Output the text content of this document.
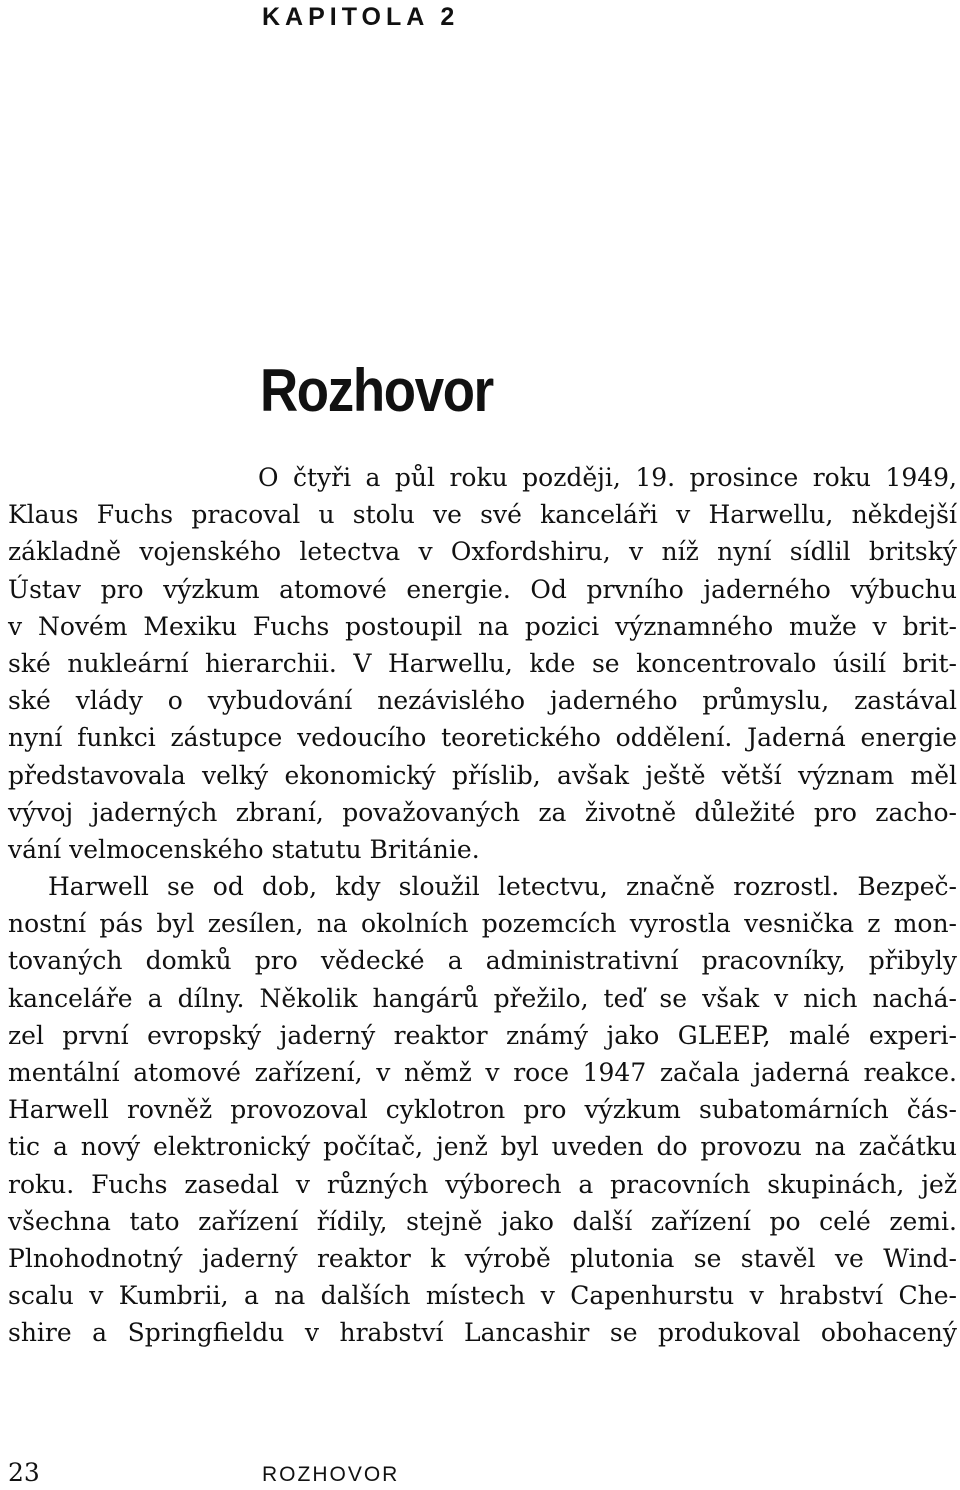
KAPITOLA 2
Rozhovor
O čtyři a půl roku později, 19. prosince roku 1949,
Klaus Fuchs pracoval u stolu ve své kanceláři v Harwellu, někdejší
základně vojenského letectva v Oxfordshiru, v níž nyní sídlil britský
Ústav pro výzkum atomové energie. Od prvního jaderného výbuchu
v Novém Mexiku Fuchs postoupil na pozici významného muže v brit-
ské nukleární hierarchii. V Harwellu, kde se koncentrovalo úsilí brit-
ské vlády o vybudování nezávislého jaderného průmyslu, zastával
nyní funkci zástupce vedoucího teoretického oddělení. Jaderná energie
představovala velký ekonomický příslib, avšak ještě větší význam měl
vývoj jaderných zbraní, považovaných za životně důležité pro zacho-
vání velmocenského statutu Británie.
Harwell se od dob, kdy sloužil letectvu, značně rozrostl. Bezpeč-
nostní pás byl zesílen, na okolních pozemcích vyrostla vesnička z mon-
tovaných domků pro vědecké a administrativní pracovníky, přibyly
kanceláře a dílny. Několik hangárů přežilo, teď se však v nich nachá-
zel první evropský jaderný reaktor známý jako GLEEP, malé experi-
mentální atomové zařízení, v němž v roce 1947 začala jaderná reakce.
Harwell rovněž provozoval cyklotron pro výzkum subatomárních čás-
tic a nový elektronický počítač, jenž byl uveden do provozu na začátku
roku. Fuchs zasedal v různých výborech a pracovních skupinách, jež
všechna tato zařízení řídily, stejně jako další zařízení po celé zemi.
Plnohodnotný jaderný reaktor k výrobě plutonia se stavěl ve Wind-
scalu v Kumbrii, a na dalších místech v Capenhurstu v hrabství Che-
shire a Springfieldu v hrabství Lancashir se produkoval obohacený
23	ROZHOVOR
